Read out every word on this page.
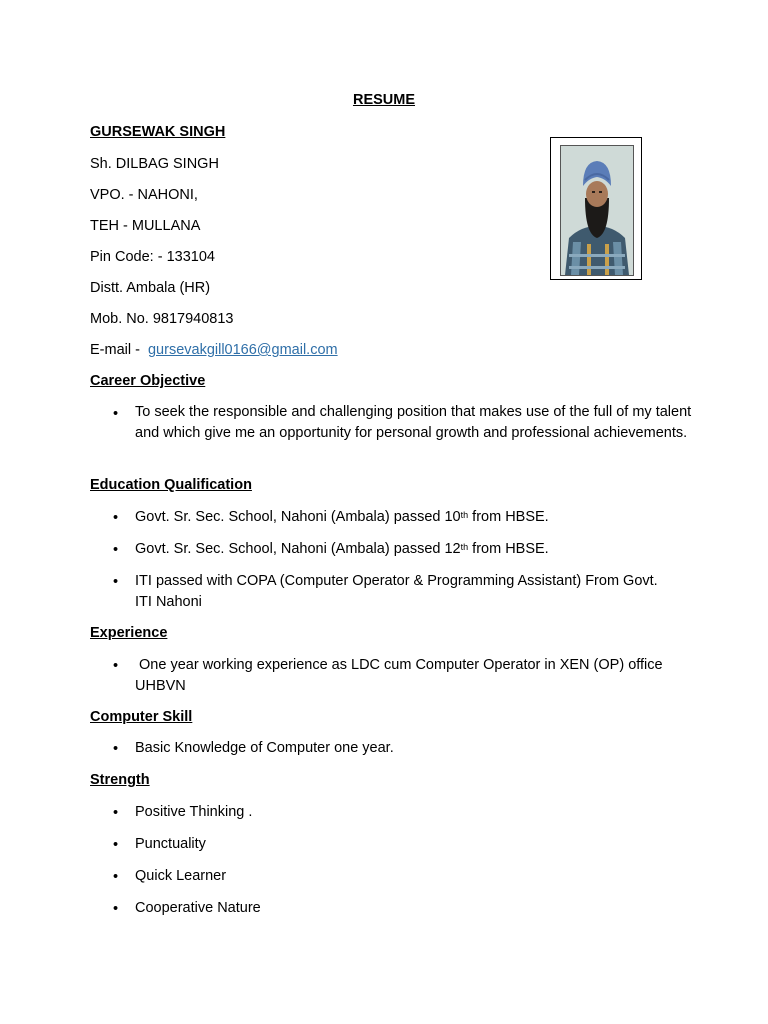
RESUME
GURSEWAK SINGH
Sh. DILBAG SINGH
VPO. - NAHONI,
TEH - MULLANA
Pin Code: - 133104
Distt. Ambala (HR)
Mob. No. 9817940813
E-mail - gursevakgill0166@gmail.com
Career Objective
• To seek the responsible and challenging position that makes use of the full of my talent and which give me an opportunity for personal growth and professional achievements.
Education Qualification
• Govt. Sr. Sec. School, Nahoni (Ambala) passed 10th from HBSE.
• Govt. Sr. Sec. School, Nahoni (Ambala) passed 12th from HBSE.
• ITI passed with COPA (Computer Operator & Programming Assistant) From Govt. ITI Nahoni
Experience
• One year working experience as LDC cum Computer Operator in XEN (OP) office UHBVN
Computer Skill
• Basic Knowledge of Computer one year.
Strength
• Positive Thinking .
• Punctuality
• Quick Learner
• Cooperative Nature
